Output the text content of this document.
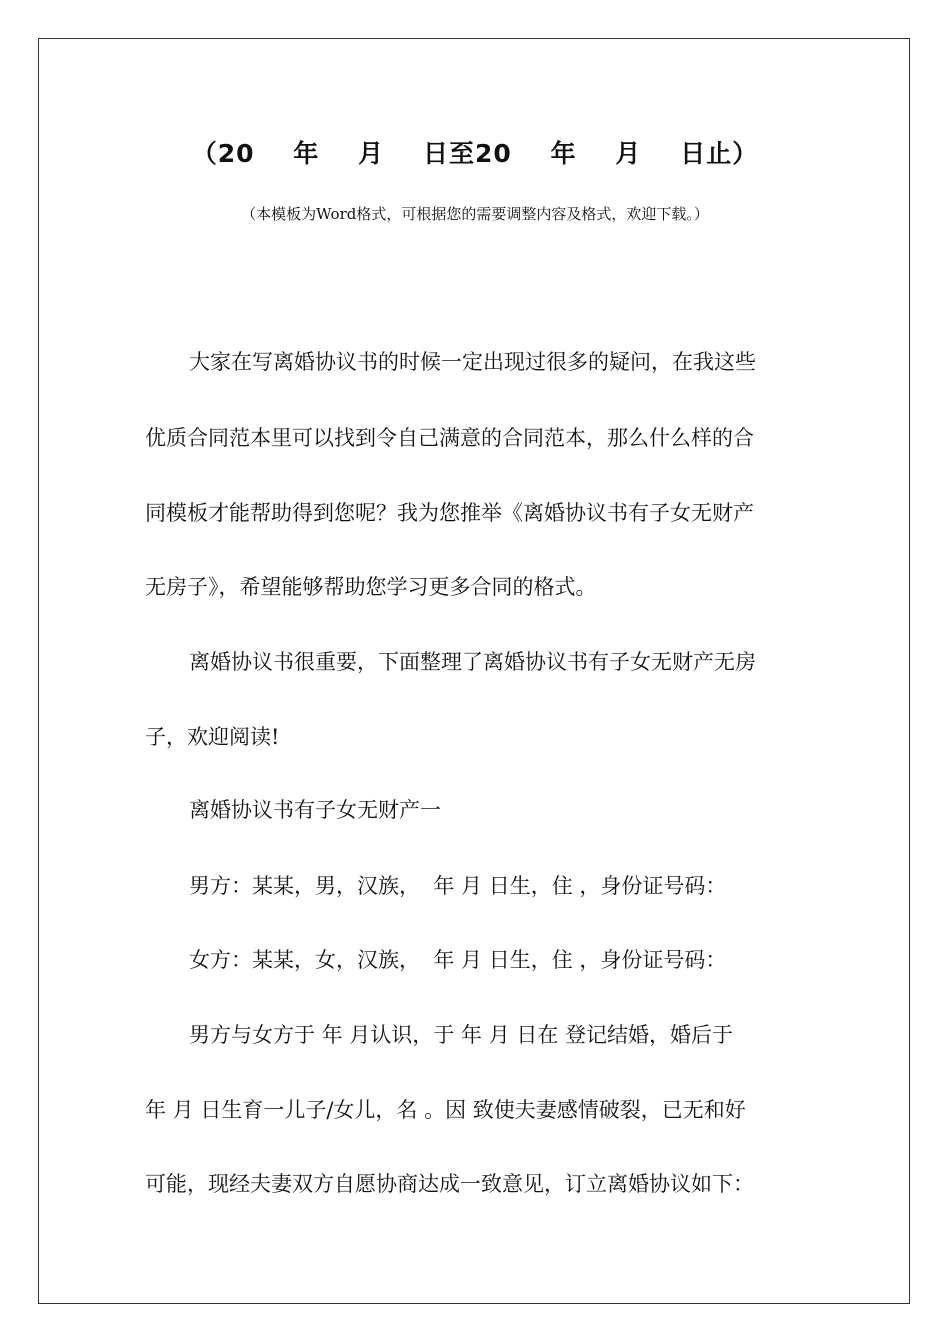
（20    年    月    日至20    年    月    日止）
（本模板为Word格式，可根据您的需要调整内容及格式，欢迎下载。）
大家在写离婚协议书的时候一定出现过很多的疑问，在我这些
优质合同范本里可以找到令自己满意的合同范本，那么什么样的合
同模板才能帮助得到您呢？我为您推举《离婚协议书有子女无财产
无房子》，希望能够帮助您学习更多合同的格式。
离婚协议书很重要，下面整理了离婚协议书有子女无财产无房
子，欢迎阅读!
离婚协议书有子女无财产一
男方：某某，男，汉族，  年 月 日生，住 ，身份证号码：
女方：某某，女，汉族，  年 月 日生，住 ，身份证号码：
男方与女方于 年 月认识，于 年 月 日在 登记结婚，婚后于
年 月 日生育一儿子/女儿，名 。因 致使夫妻感情破裂，已无和好
可能，现经夫妻双方自愿协商达成一致意见，订立离婚协议如下：
